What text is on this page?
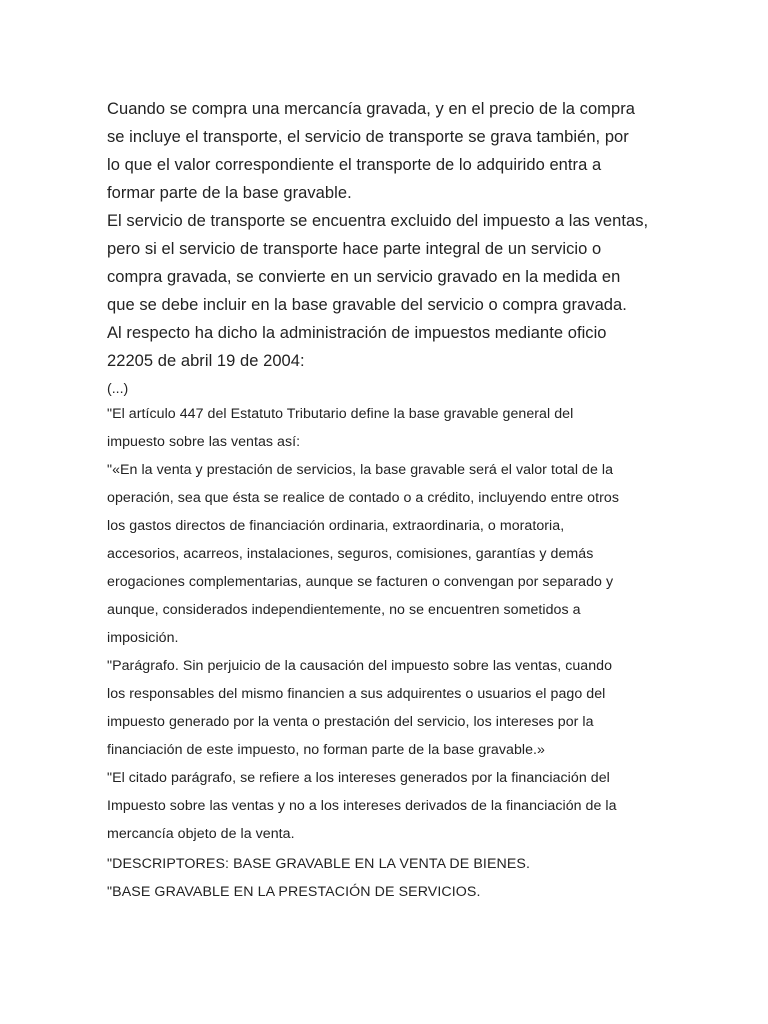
Cuando se compra una mercancía gravada, y en el precio de la compra
se incluye el transporte, el servicio de transporte se grava también, por
lo que el valor correspondiente el transporte de lo adquirido entra a
formar parte de la base gravable.

El servicio de transporte se encuentra excluido del impuesto a las ventas,
pero si el servicio de transporte hace parte integral de un servicio o
compra gravada, se convierte en un servicio gravado en la medida en
que se debe incluir en la base gravable del servicio o compra gravada.

Al respecto ha dicho la administración de impuestos mediante oficio
22205 de abril 19 de 2004:

(...)

"El artículo 447 del Estatuto Tributario define la base gravable general del
impuesto sobre las ventas así:

"«En la venta y prestación de servicios, la base gravable será el valor total de la
operación, sea que ésta se realice de contado o a crédito, incluyendo entre otros
los gastos directos de financiación ordinaria, extraordinaria, o moratoria,
accesorios, acarreos, instalaciones, seguros, comisiones, garantías y demás
erogaciones complementarias, aunque se facturen o convengan por separado y
aunque, considerados independientemente, no se encuentren sometidos a
imposición.

"Parágrafo. Sin perjuicio de la causación del impuesto sobre las ventas, cuando
los responsables del mismo financien a sus adquirentes o usuarios el pago del
impuesto generado por la venta o prestación del servicio, los intereses por la
financiación de este impuesto, no forman parte de la base gravable.»

"El citado parágrafo, se refiere a los intereses generados por la financiación del
Impuesto sobre las ventas y no a los intereses derivados de la financiación de la
mercancía objeto de la venta.

"DESCRIPTORES: BASE GRAVABLE EN LA VENTA DE BIENES.

"BASE GRAVABLE EN LA PRESTACIÓN DE SERVICIOS.
